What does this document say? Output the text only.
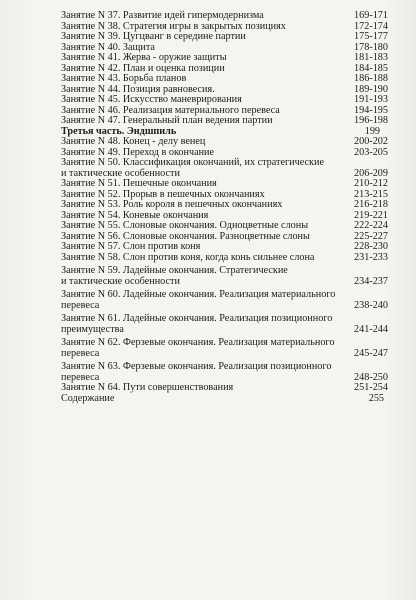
Занятие N 37. Развитие идей гипермодернизма	169-171
Занятие N 38. Стратегия игры в закрытых позициях	172-174
Занятие N 39. Цугцванг в середине партии	175-177
Занятие N 40. Защита	178-180
Занятие N 41. Жерва - оружие защиты	181-183
Занятие N 42. План и оценка позиции	184-185
Занятие N 43. Борьба планов	186-188
Занятие N 44. Позиция равновесия.	189-190
Занятие N 45. Искусство маневрирования	191-193
Занятие N 46. Реализация материального перевеса	194-195
Занятие N 47. Генеральный план ведения партии	196-198
Третья часть. Эндшпиль	199
Занятие N 48. Конец - делу венец	200-202
Занятие N 49. Переход в окончание	203-205
Занятие N 50. Классификация окончаний, их стратегические
и тактические особенности	206-209
Занятие N 51. Пешечные окончания	210-212
Занятие N 52. Прорыв в пешечных окончаниях	213-215
Занятие N 53. Роль короля в пешечных окончаниях	216-218
Занятие N 54. Коневые окончания	219-221
Занятие N 55. Слоновые окончания. Одноцветные слоны	222-224
Занятие N 56. Слоновые окончания. Разноцветные слоны	225-227
Занятие N 57. Слон против коня	228-230
Занятие N 58. Слон против коня, когда конь сильнее слона	231-233
Занятие N 59. Ладейные окончания. Стратегические
и тактические особенности	234-237
Занятие N 60. Ладейные окончания. Реализация материального
перевеса	238-240
Занятие N 61. Ладейные окончания. Реализация позиционного
преимущества	241-244
Занятие N 62. Ферзевые окончания. Реализация материального
перевеса	245-247
Занятие N 63. Ферзевые окончания. Реализация позиционного
перевеса	248-250
Занятие N 64. Пути совершенствования	251-254
Содержание	255
